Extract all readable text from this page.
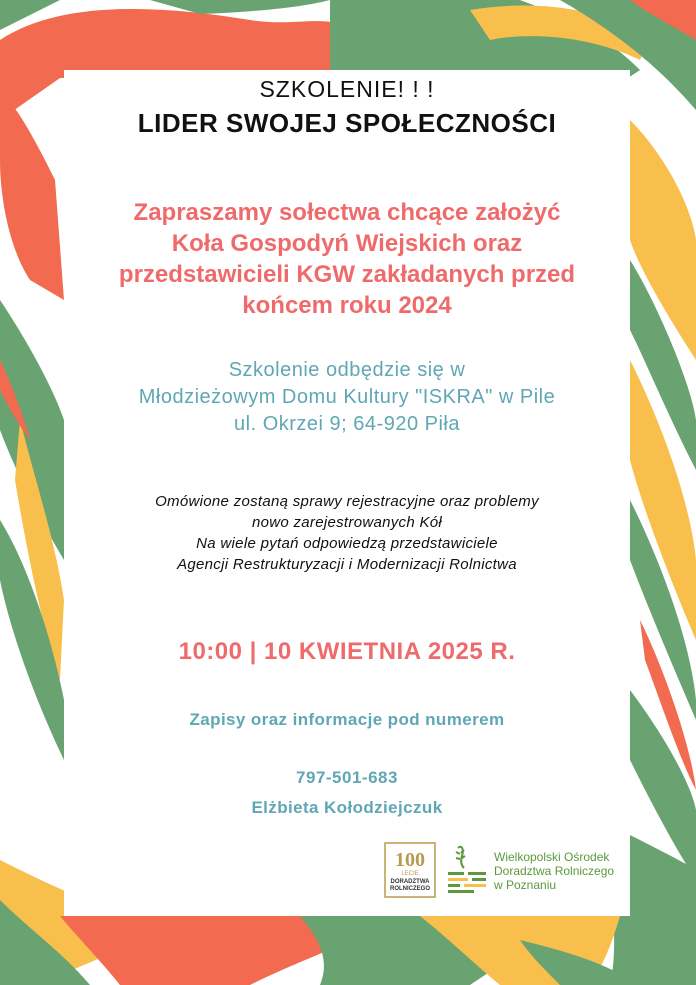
SZKOLENIE! ! !

LIDER SWOJEJ SPOŁECZNOŚCI

Zapraszamy sołectwa chcące założyć
Koła Gospodyń Wiejskich oraz
przedstawicieli KGW zakładanych przed
końcem roku 2024
Szkolenie odbędzie się w
Młodzieżowym Domu Kultury "ISKRA" w Pile
ul. Okrzei 9; 64-920 Piła
Omówione zostaną sprawy rejestracyjne oraz problemy
nowo zarejestrowanych Kół
Na wiele pytań odpowiedzą przedstawiciele
Agencji Restrukturyzacji i Modernizacji Rolnictwa

10:00 | 10 KWIETNIA 2025 R.

Zapisy oraz informacje pod numerem

797-501-683

Elżbieta Kołodziejczuk

100
LECIE
DORADZTWA
ROLNICZEGO
Wielkopolski Ośrodek
Doradztwa Rolniczego
w Poznaniu
